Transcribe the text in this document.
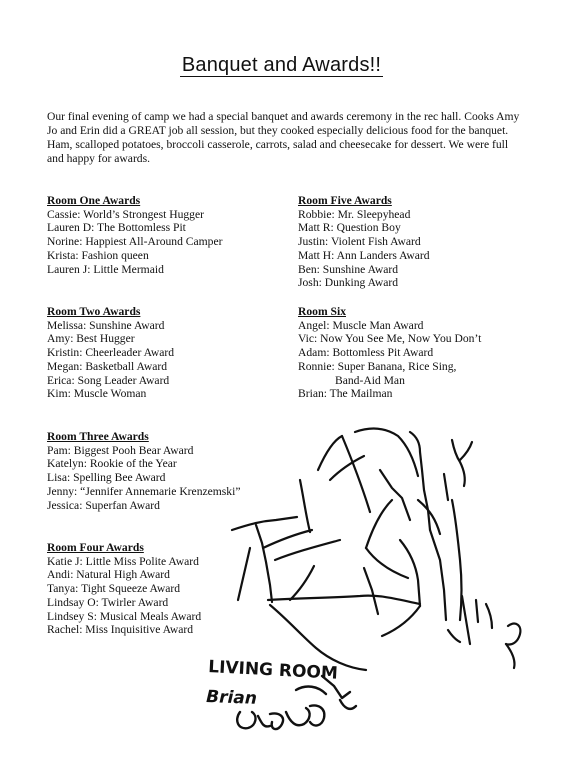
Banquet and Awards!!
Our final evening of camp we had a special banquet and awards ceremony in the rec hall. Cooks Amy Jo and Erin did a GREAT job all session, but they cooked especially delicious food for the banquet. Ham, scalloped potatoes, broccoli casserole, carrots, salad and cheesecake for dessert. We were full and happy for awards.
Room One Awards
Cassie: World’s Strongest Hugger
Lauren D: The Bottomless Pit
Norine: Happiest All-Around Camper
Krista: Fashion queen
Lauren J: Little Mermaid
Room Two Awards
Melissa: Sunshine Award
Amy: Best Hugger
Kristin: Cheerleader Award
Megan: Basketball Award
Erica: Song Leader Award
Kim: Muscle Woman
Room Three Awards
Pam: Biggest Pooh Bear Award
Katelyn: Rookie of the Year
Lisa: Spelling Bee Award
Jenny: “Jennifer Annemarie Krenzemski”
Jessica: Superfan Award
Room Four Awards
Katie J: Little Miss Polite Award
Andi: Natural High Award
Tanya: Tight Squeeze Award
Lindsay O: Twirler Award
Lindsey S: Musical Meals Award
Rachel: Miss Inquisitive Award
Room Five Awards
Robbie: Mr. Sleepyhead
Matt R: Question Boy
Justin: Violent Fish Award
Matt H: Ann Landers Award
Ben: Sunshine Award
Josh: Dunking Award
Room Six
Angel: Muscle Man Award
Vic: Now You See Me, Now You Don’t
Adam: Bottomless Pit Award
Ronnie: Super Banana, Rice Sing,
Band-Aid Man
Brian: The Mailman
LIVING ROOM
Brian
